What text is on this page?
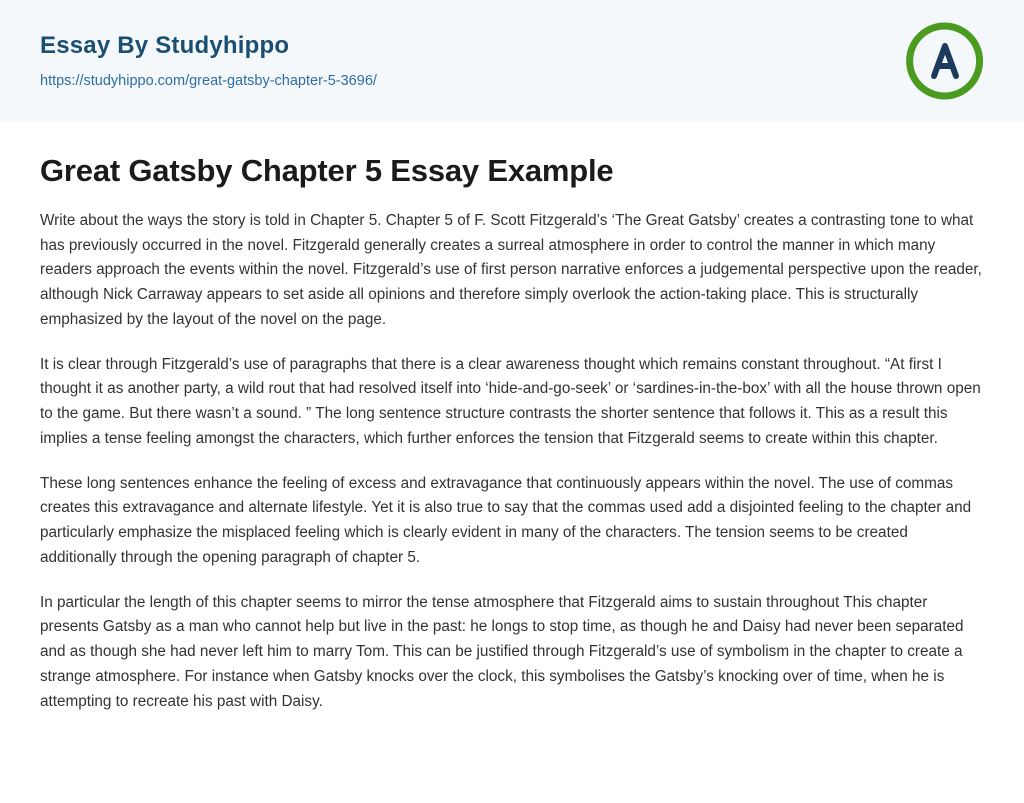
Essay By Studyhippo
https://studyhippo.com/great-gatsby-chapter-5-3696/
Great Gatsby Chapter 5 Essay Example

Write about the ways the story is told in Chapter 5. Chapter 5 of F. Scott Fitzgerald’s ‘The Great Gatsby’ creates a contrasting tone to what has previously occurred in the novel. Fitzgerald generally creates a surreal atmosphere in order to control the manner in which many readers approach the events within the novel. Fitzgerald’s use of first person narrative enforces a judgemental perspective upon the reader, although Nick Carraway appears to set aside all opinions and therefore simply overlook the action-taking place. This is structurally emphasized by the layout of the novel on the page.

It is clear through Fitzgerald’s use of paragraphs that there is a clear awareness thought which remains constant throughout. “At first I thought it as another party, a wild rout that had resolved itself into ‘hide-and-go-seek’ or ‘sardines-in-the-box’ with all the house thrown open to the game. But there wasn’t a sound. ” The long sentence structure contrasts the shorter sentence that follows it. This as a result this implies a tense feeling amongst the characters, which further enforces the tension that Fitzgerald seems to create within this chapter.

These long sentences enhance the feeling of excess and extravagance that continuously appears within the novel. The use of commas creates this extravagance and alternate lifestyle. Yet it is also true to say that the commas used add a disjointed feeling to the chapter and particularly emphasize the misplaced feeling which is clearly evident in many of the characters. The tension seems to be created additionally through the opening paragraph of chapter 5.

In particular the length of this chapter seems to mirror the tense atmosphere that Fitzgerald aims to sustain throughout This chapter presents Gatsby as a man who cannot help but live in the past: he longs to stop time, as though he and Daisy had never been separated and as though she had never left him to marry Tom. This can be justified through Fitzgerald’s use of symbolism in the chapter to create a strange atmosphere. For instance when Gatsby knocks over the clock, this symbolises the Gatsby’s knocking over of time, when he is attempting to recreate his past with Daisy.
